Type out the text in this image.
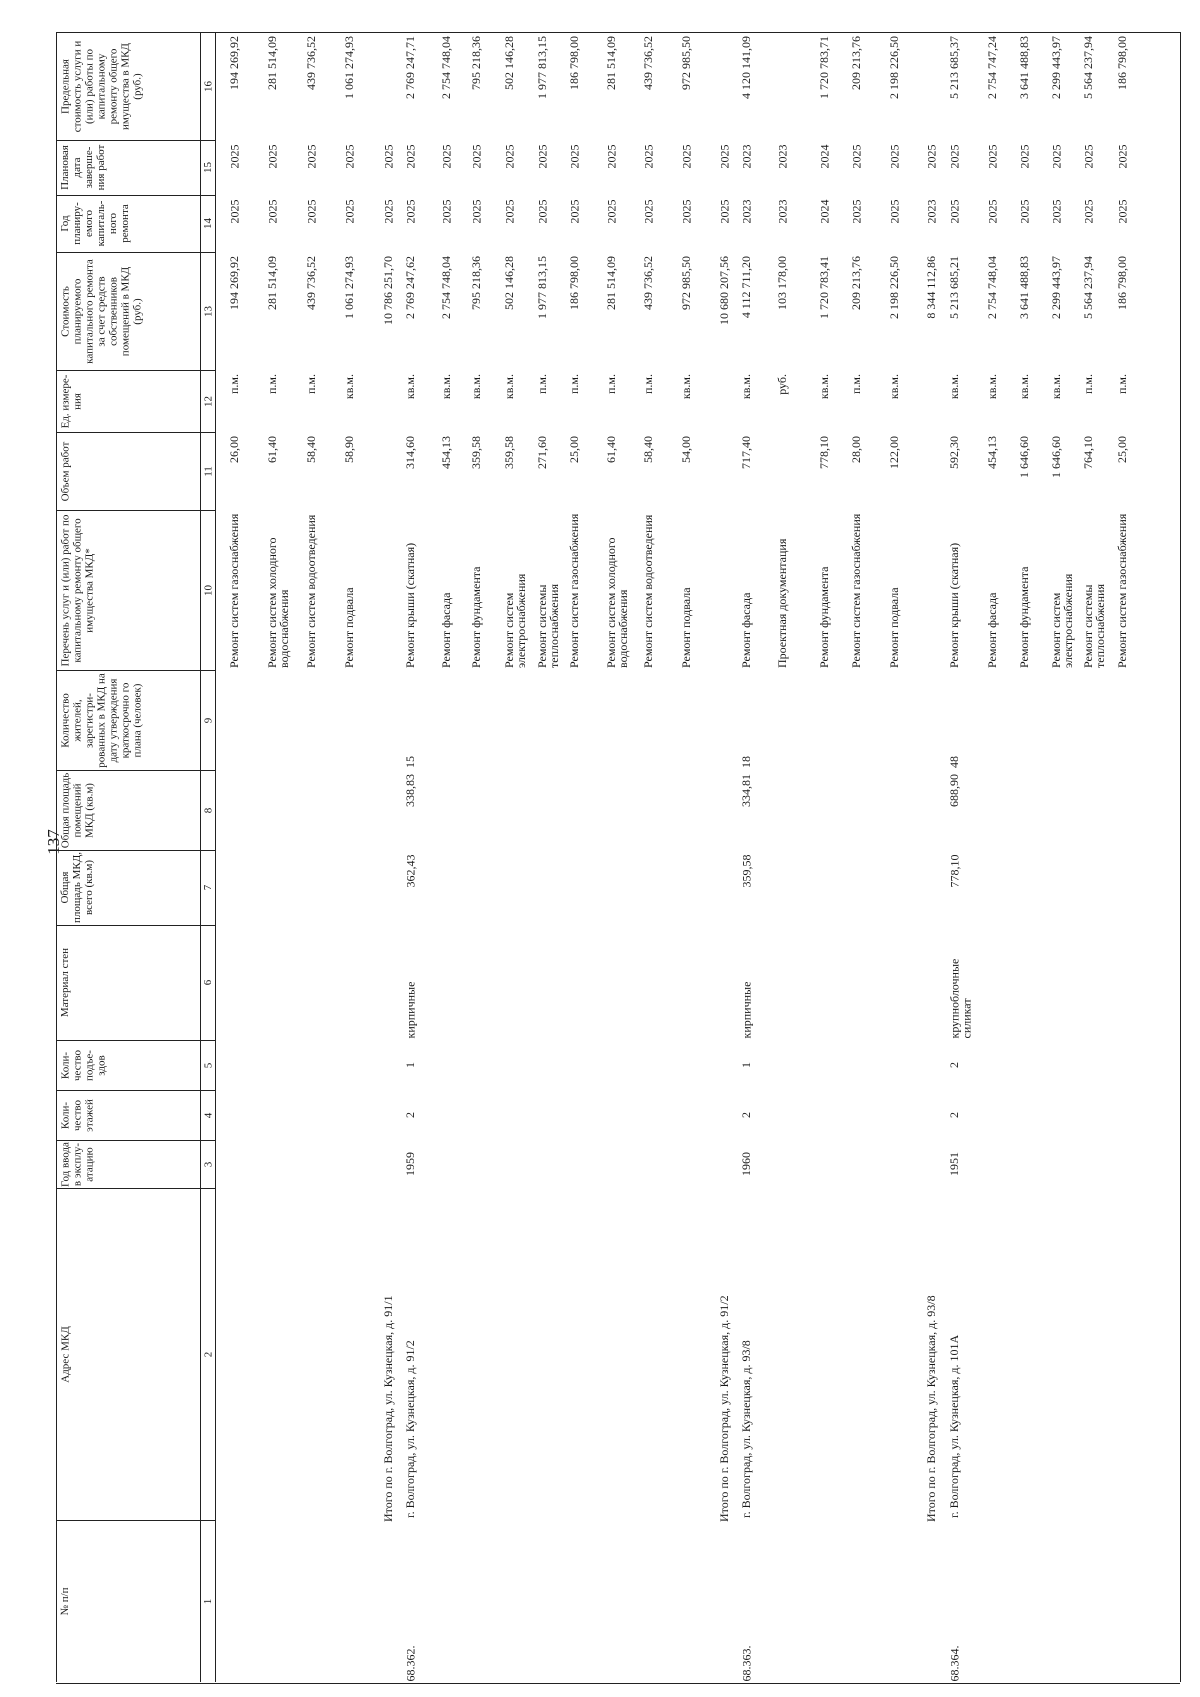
137
№ п/п
Адрес МКД
Год ввода в эксплу-атацию
Коли-чество этажей
Коли-чество подъе-здов
Материал стен
Общая площадь МКД, всего (кв.м)
Общая площадь помещений МКД (кв.м)
Количество жителей, зарегистри-рованных в МКД на дату утверждения краткосрочно го плана (человек)
Перечень услуг и (или) работ по капитальному ремонту общего имущества МКД*
Объем работ
Ед. измере-ния
Стоимость планируемого капитального ремонта за счет средств собственников помещений в МКД (руб.)
Год планиру-емого капиталь-ного ремонта
Плановая дата заверше-ния работ
Предельная стоимость услуги и (или) работы по капитальному ремонту общего имущества в МКД (руб.)
1
2
3
4
5
6
7
8
9
10
11
12
13
14
15
16
Ремонт систем газоснабжения
26,00
п.м.
194 269,92
2025
2025
194 269,92
Ремонт систем холодного водоснабжения
61,40
п.м.
281 514,09
2025
2025
281 514,09
Ремонт систем водоотведения
58,40
п.м.
439 736,52
2025
2025
439 736,52
Ремонт подвала
58,90
кв.м.
1 061 274,93
2025
2025
1 061 274,93
Итого по г. Волгоград, ул. Кузнецкая, д. 91/1
10 786 251,70
2025
2025
68.362.
г. Волгоград, ул. Кузнецкая, д. 91/2
1959
2
1
кирпичные
362,43
338,83
15
Ремонт крыши (скатная)
314,60
кв.м.
2 769 247,62
2025
2025
2 769 247,71
Ремонт фасада
454,13
кв.м.
2 754 748,04
2025
2025
2 754 748,04
Ремонт фундамента
359,58
кв.м.
795 218,36
2025
2025
795 218,36
Ремонт систем электроснабжения
359,58
кв.м.
502 146,28
2025
2025
502 146,28
Ремонт системы теплоснабжения
271,60
п.м.
1 977 813,15
2025
2025
1 977 813,15
Ремонт систем газоснабжения
25,00
п.м.
186 798,00
2025
2025
186 798,00
Ремонт систем холодного водоснабжения
61,40
п.м.
281 514,09
2025
2025
281 514,09
Ремонт систем водоотведения
58,40
п.м.
439 736,52
2025
2025
439 736,52
Ремонт подвала
54,00
кв.м.
972 985,50
2025
2025
972 985,50
Итого по г. Волгоград, ул. Кузнецкая, д. 91/2
10 680 207,56
2025
2025
68.363.
г. Волгоград, ул. Кузнецкая, д. 93/8
1960
2
1
кирпичные
359,58
334,81
18
Ремонт фасада
717,40
кв.м.
4 112 711,20
2023
2023
4 120 141,09
Проектная документация
руб.
103 178,00
2023
2023
Ремонт фундамента
778,10
кв.м.
1 720 783,41
2024
2024
1 720 783,71
Ремонт систем газоснабжения
28,00
п.м.
209 213,76
2025
2025
209 213,76
Ремонт подвала
122,00
кв.м.
2 198 226,50
2025
2025
2 198 226,50
Итого по г. Волгоград, ул. Кузнецкая, д. 93/8
8 344 112,86
2023
2025
68.364.
г. Волгоград, ул. Кузнецкая, д. 101А
1951
2
2
крупноблочные силикат
778,10
688,90
48
Ремонт крыши (скатная)
592,30
кв.м.
5 213 685,21
2025
2025
5 213 685,37
Ремонт фасада
454,13
кв.м.
2 754 748,04
2025
2025
2 754 747,24
Ремонт фундамента
1 646,60
кв.м.
3 641 488,83
2025
2025
3 641 488,83
Ремонт систем электроснабжения
1 646,60
кв.м.
2 299 443,97
2025
2025
2 299 443,97
Ремонт системы теплоснабжения
764,10
п.м.
5 564 237,94
2025
2025
5 564 237,94
Ремонт систем газоснабжения
25,00
п.м.
186 798,00
2025
2025
186 798,00
